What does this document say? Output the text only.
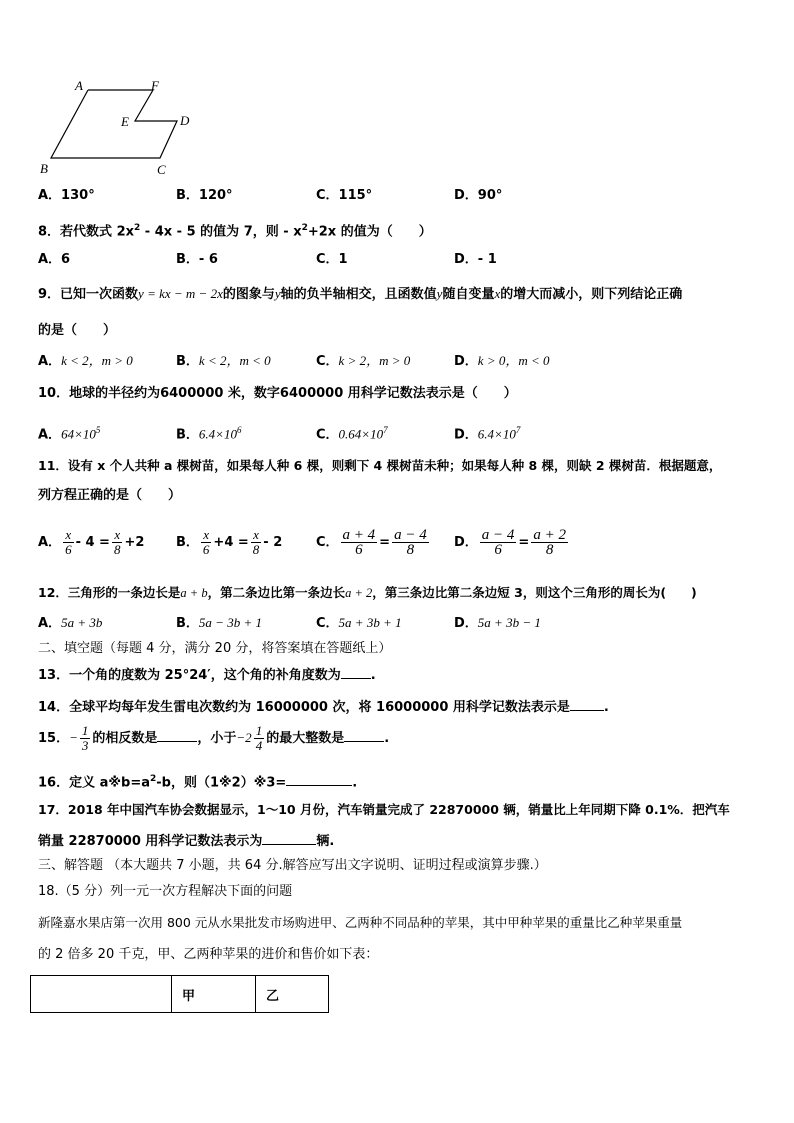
A	F
E	D
B	C
A．130°	B．120°	C．115°	D．90°
8．若代数式 $2x^2 - 4x - 5$ 的值为 7，则 - $x^2+2x$ 的值为（　　）
A．6	B．- 6	C．1	D．- 1
9．已知一次函数y = kx − m − 2x的图象与y轴的负半轴相交，且函数值y随自变量x的增大而减小，则下列结论正确
的是（　　）
A．k < 2，m > 0	B．k < 2，m < 0	C．k > 2，m > 0	D．k > 0，m < 0
10．地球的半径约为6400000 米，数字6400000 用科学记数法表示是（　　）
A．$64\times 10^5$	B．$6.4\times 10^6$	C．$0.64\times 10^7$	D．$6.4\times 10^7$
11．设有 x 个人共种 a 棵树苗，如果每人种 6 棵，则剩下 4 棵树苗未种；如果每人种 8 棵，则缺 2 棵树苗．根据题意，
列方程正确的是（　　）
A． $\frac{x}{6} - 4 = \frac{x}{8} +2$ B． $\frac{x}{6} +4 = \frac{x}{8} - 2$	C． $\frac{a + 4}{6} = \frac{a - 4}{8}$ D． $\frac{a - 4}{6} = \frac{a + 2}{8}$
12．三角形的一条边长是a + b，第二条边比第一条边长a + 2，第三条边比第二条边短 3，则这个三角形的周长为(　　)
A．5a + 3b	B．5a − 3b + 1	C．5a + 3b + 1	D．5a + 3b − 1
二、填空题（每题 4 分，满分 20 分，将答案填在答题纸上）
13．一个角的度数为 25°24′，这个角的补角度数为 .
14．全球平均每年发生雷电次数约为 16000000 次，将 16000000 用科学记数法表示是	.
15．− $\frac{1}{3}$ 的相反数是	，小于$-2 \frac{1}{4}$ 的最大整数是	.
16．定义 $a※b=a^2-b$，则（1※2）※3=	.
17．2018 年中国汽车协会数据显示，1～10 月份，汽车销量完成了 22870000 辆，销量比上年同期下降 0.1%．把汽车
销量 22870000 用科学记数法表示为	辆.
三、解答题 （本大题共 7 小题，共 64 分.解答应写出文字说明、证明过程或演算步骤.）
18.（5 分）列一元一次方程解决下面的问题
新隆嘉水果店第一次用 800 元从水果批发市场购进甲、乙两种不同品种的苹果，其中甲种苹果的重量比乙种苹果重量
的 2 倍多 20 千克，甲、乙两种苹果的进价和售价如下表：
	甲	乙
